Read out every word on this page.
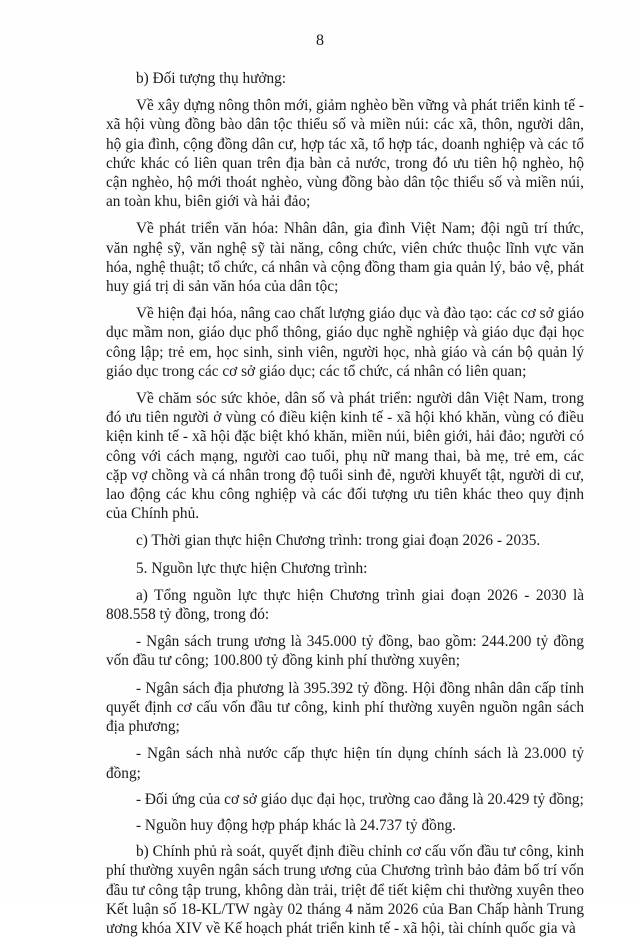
8

b) Đối tượng thụ hưởng:

Về xây dựng nông thôn mới, giảm nghèo bền vững và phát triển kinh tế - xã hội vùng đồng bào dân tộc thiểu số và miền núi: các xã, thôn, người dân, hộ gia đình, cộng đồng dân cư, hợp tác xã, tổ hợp tác, doanh nghiệp và các tổ chức khác có liên quan trên địa bàn cả nước, trong đó ưu tiên hộ nghèo, hộ cận nghèo, hộ mới thoát nghèo, vùng đồng bào dân tộc thiểu số và miền núi, an toàn khu, biên giới và hải đảo;

Về phát triển văn hóa: Nhân dân, gia đình Việt Nam; đội ngũ trí thức, văn nghệ sỹ, văn nghệ sỹ tài năng, công chức, viên chức thuộc lĩnh vực văn hóa, nghệ thuật; tổ chức, cá nhân và cộng đồng tham gia quản lý, bảo vệ, phát huy giá trị di sản văn hóa của dân tộc;

Về hiện đại hóa, nâng cao chất lượng giáo dục và đào tạo: các cơ sở giáo dục mầm non, giáo dục phổ thông, giáo dục nghề nghiệp và giáo dục đại học công lập; trẻ em, học sinh, sinh viên, người học, nhà giáo và cán bộ quản lý giáo dục trong các cơ sở giáo dục; các tổ chức, cá nhân có liên quan;

Về chăm sóc sức khỏe, dân số và phát triển: người dân Việt Nam, trong đó ưu tiên người ở vùng có điều kiện kinh tế - xã hội khó khăn, vùng có điều kiện kinh tế - xã hội đặc biệt khó khăn, miền núi, biên giới, hải đảo; người có công với cách mạng, người cao tuổi, phụ nữ mang thai, bà mẹ, trẻ em, các cặp vợ chồng và cá nhân trong độ tuổi sinh đẻ, người khuyết tật, người di cư, lao động các khu công nghiệp và các đối tượng ưu tiên khác theo quy định của Chính phủ.

c) Thời gian thực hiện Chương trình: trong giai đoạn 2026 - 2035.

5. Nguồn lực thực hiện Chương trình:

a) Tổng nguồn lực thực hiện Chương trình giai đoạn 2026 - 2030 là 808.558 tỷ đồng, trong đó:

- Ngân sách trung ương là 345.000 tỷ đồng, bao gồm: 244.200 tỷ đồng vốn đầu tư công; 100.800 tỷ đồng kinh phí thường xuyên;

- Ngân sách địa phương là 395.392 tỷ đồng. Hội đồng nhân dân cấp tỉnh quyết định cơ cấu vốn đầu tư công, kinh phí thường xuyên nguồn ngân sách địa phương;

- Ngân sách nhà nước cấp thực hiện tín dụng chính sách là 23.000 tỷ đồng;

- Đối ứng của cơ sở giáo dục đại học, trường cao đẳng là 20.429 tỷ đồng;

- Nguồn huy động hợp pháp khác là 24.737 tỷ đồng.

b) Chính phủ rà soát, quyết định điều chỉnh cơ cấu vốn đầu tư công, kinh phí thường xuyên ngân sách trung ương của Chương trình bảo đảm bố trí vốn đầu tư công tập trung, không dàn trải, triệt để tiết kiệm chi thường xuyên theo Kết luận số 18-KL/TW ngày 02 tháng 4 năm 2026 của Ban Chấp hành Trung ương khóa XIV về Kế hoạch phát triển kinh tế - xã hội, tài chính quốc gia và
